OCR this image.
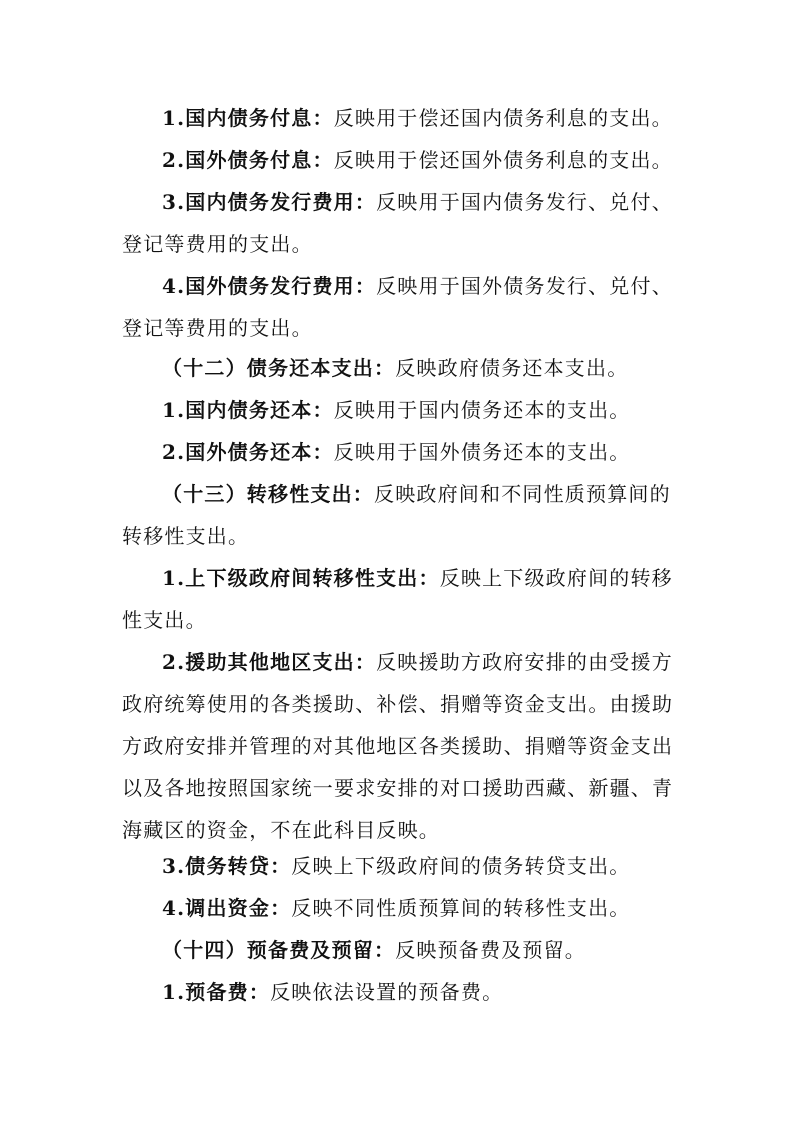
1.国内债务付息：反映用于偿还国内债务利息的支出。

2.国外债务付息：反映用于偿还国外债务利息的支出。

3.国内债务发行费用：反映用于国内债务发行、兑付、登记等费用的支出。

4.国外债务发行费用：反映用于国外债务发行、兑付、登记等费用的支出。

（十二）债务还本支出：反映政府债务还本支出。

1.国内债务还本：反映用于国内债务还本的支出。

2.国外债务还本：反映用于国外债务还本的支出。

（十三）转移性支出：反映政府间和不同性质预算间的转移性支出。

1.上下级政府间转移性支出：反映上下级政府间的转移性支出。

2.援助其他地区支出：反映援助方政府安排的由受援方政府统筹使用的各类援助、补偿、捐赠等资金支出。由援助方政府安排并管理的对其他地区各类援助、捐赠等资金支出以及各地按照国家统一要求安排的对口援助西藏、新疆、青海藏区的资金，不在此科目反映。

3.债务转贷：反映上下级政府间的债务转贷支出。

4.调出资金：反映不同性质预算间的转移性支出。

（十四）预备费及预留：反映预备费及预留。

1.预备费：反映依法设置的预备费。
